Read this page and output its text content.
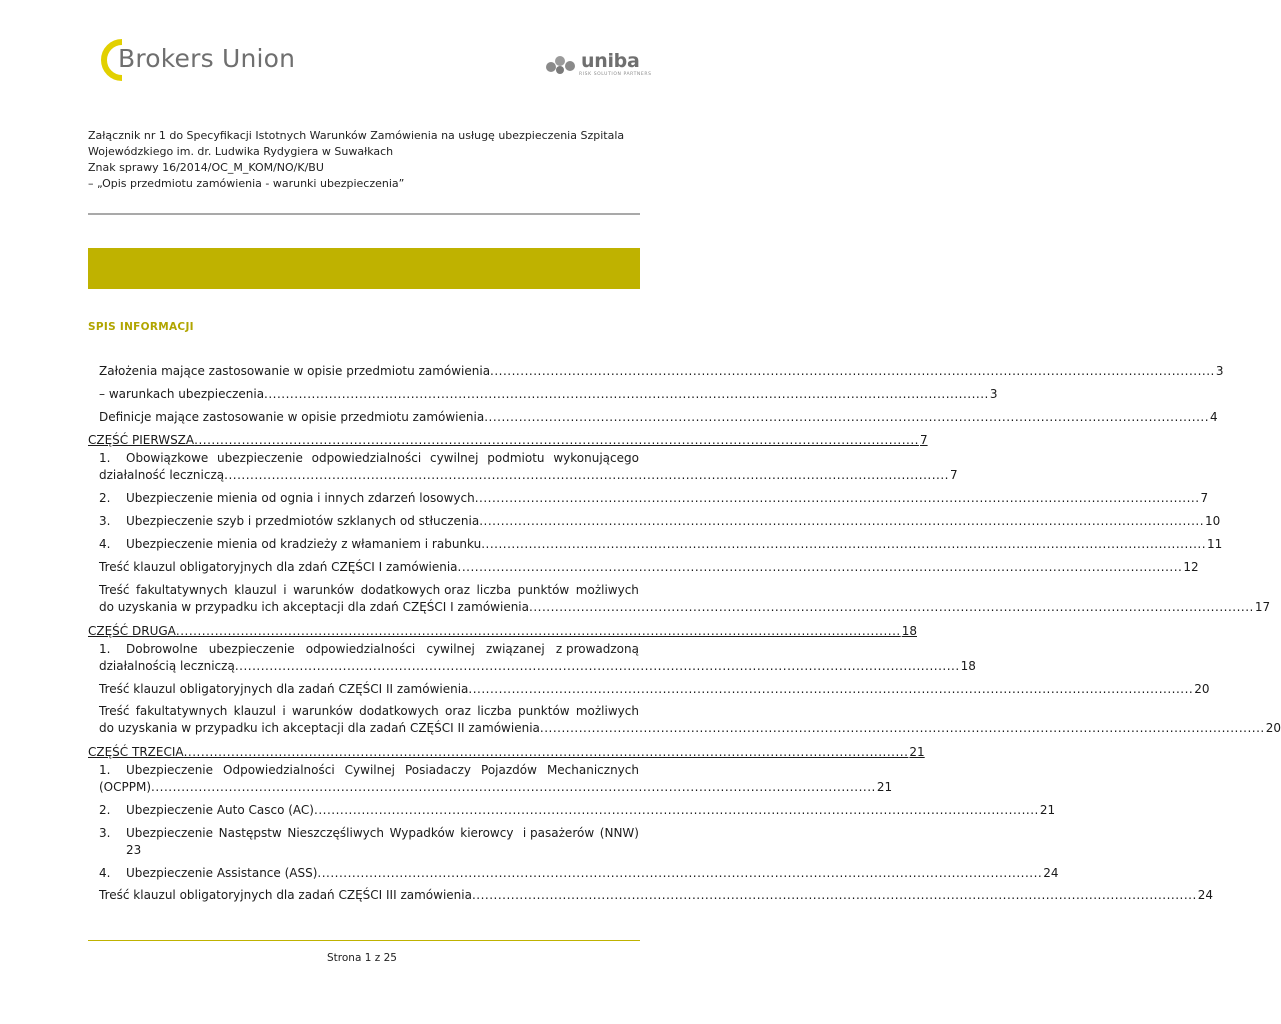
Brokers Union	uniba
RISK SOLUTION PARTNERS
Załącznik nr 1 do Specyfikacji Istotnych Warunków Zamówienia na usługę ubezpieczenia Szpitala
Wojewódzkiego im. dr. Ludwika Rydygiera w Suwałkach
Znak sprawy 16/2014/OC_M_KOM/NO/K/BU
– „Opis przedmiotu zamówienia - warunki ubezpieczenia”
SPIS INFORMACJI
Założenia mające zastosowanie w opisie przedmiotu zamówienia ........................................................................................................................................................................ 3
– warunkach ubezpieczenia ........................................................................................................................................................................ 3
Definicje mające zastosowanie w opisie przedmiotu zamówienia ........................................................................................................................................................................ 4
CZĘŚĆ PIERWSZA ........................................................................................................................................................................ 7
1. Obowiązkowe ubezpieczenie odpowiedzialności cywilnej podmiotu wykonującego
działalność leczniczą ........................................................................................................................................................................ 7
2. Ubezpieczenie mienia od ognia i innych zdarzeń losowych ........................................................................................................................................................................ 7
3. Ubezpieczenie szyb i przedmiotów szklanych od stłuczenia ........................................................................................................................................................................ 10
4. Ubezpieczenie mienia od kradzieży z włamaniem i rabunku ........................................................................................................................................................................ 11
Treść klauzul obligatoryjnych dla zdań CZĘŚCI I zamówienia ........................................................................................................................................................................ 12
Treść fakultatywnych klauzul i warunków dodatkowych oraz liczba punktów możliwych
do uzyskania w przypadku ich akceptacji dla zdań CZĘŚCI I zamówienia ........................................................................................................................................................................ 17
CZĘŚĆ DRUGA ........................................................................................................................................................................ 18
1. Dobrowolne ubezpieczenie odpowiedzialności cywilnej związanej z prowadzoną
działalnością leczniczą ........................................................................................................................................................................ 18
Treść klauzul obligatoryjnych dla zadań CZĘŚCI II zamówienia ........................................................................................................................................................................ 20
Treść fakultatywnych klauzul i warunków dodatkowych oraz liczba punktów możliwych
do uzyskania w przypadku ich akceptacji dla zadań CZĘŚCI II zamówienia ........................................................................................................................................................................ 20
CZĘŚĆ TRZECIA ........................................................................................................................................................................ 21
1. Ubezpieczenie Odpowiedzialności Cywilnej Posiadaczy Pojazdów Mechanicznych
(OCPPM) ........................................................................................................................................................................ 21
2. Ubezpieczenie Auto Casco (AC) ........................................................................................................................................................................ 21
3. Ubezpieczenie Następstw Nieszczęśliwych Wypadków kierowcy i pasażerów (NNW)
23
4. Ubezpieczenie Assistance (ASS) ........................................................................................................................................................................ 24
Treść klauzul obligatoryjnych dla zadań CZĘŚCI III zamówienia ........................................................................................................................................................................ 24
Strona 1 z 25
